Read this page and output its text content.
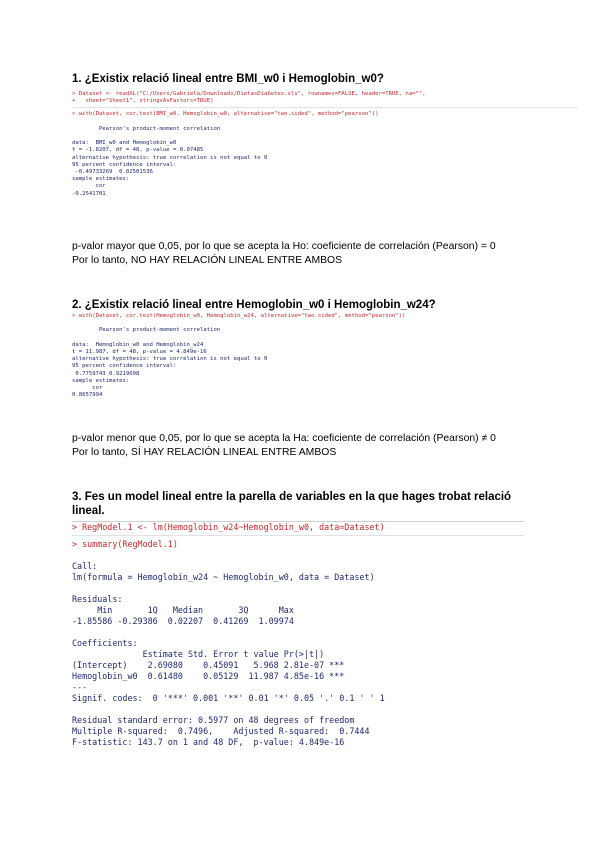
1. ¿Existix relació lineal entre BMI_w0 i Hemoglobin_w0?
> Dataset <- readXL("C:/Users/Gabriela/Downloads/DietasDiabetes.xls", rownames=FALSE, header=TRUE, na="",
+   sheet="Sheet1", stringsAsFactors=TRUE)
> with(Dataset, cor.test(BMI_w0, Hemoglobin_w0, alternative="two.sided", method="pearson"))

Pearson's product-moment correlation

data:  BMI_w0 and Hemoglobin_w0
t = -1.8207, df = 48, p-value = 0.07485
alternative hypothesis: true correlation is not equal to 0
95 percent confidence interval:
-0.49733269  0.02501536
sample estimates:
cor
-0.2541701
p-valor mayor que 0,05, por lo que se acepta la Ho: coeficiente de correlación (Pearson) = 0
Por lo tanto, NO HAY RELACIÓN LINEAL ENTRE AMBOS
2. ¿Existix relació lineal entre Hemoglobin_w0 i Hemoglobin_w24?
> with(Dataset, cor.test(Hemoglobin_w0, Hemoglobin_w24, alternative="two.sided", method="pearson"))

Pearson's product-moment correlation

data:  Hemoglobin_w0 and Hemoglobin_w24
t = 11.987, df = 48, p-value = 4.849e-16
alternative hypothesis: true correlation is not equal to 0
95 percent confidence interval:
0.7759743 0.9219608
sample estimates:
cor
0.8657994
p-valor menor que 0,05, por lo que se acepta la Ha: coeficiente de correlación (Pearson) ≠ 0
Por lo tanto, SÍ HAY RELACIÓN LINEAL ENTRE AMBOS
3. Fes un model lineal entre la parella de variables en la que hages trobat relació lineal.
> RegModel.1 <- lm(Hemoglobin_w24~Hemoglobin_w0, data=Dataset)
> summary(RegModel.1)

Call:
lm(formula = Hemoglobin_w24 ~ Hemoglobin_w0, data = Dataset)

Residuals:
Min       1Q   Median       3Q      Max
-1.85586 -0.29386  0.02207  0.41269  1.09974

Coefficients:
Estimate Std. Error t value Pr(>|t|)
(Intercept)    2.69080    0.45091   5.968 2.81e-07 ***
Hemoglobin_w0  0.61480    0.05129  11.987 4.85e-16 ***
---
Signif. codes:  0 '***' 0.001 '**' 0.01 '*' 0.05 '.' 0.1 ' ' 1

Residual standard error: 0.5977 on 48 degrees of freedom
Multiple R-squared:  0.7496,	Adjusted R-squared:  0.7444
F-statistic: 143.7 on 1 and 48 DF,  p-value: 4.849e-16
